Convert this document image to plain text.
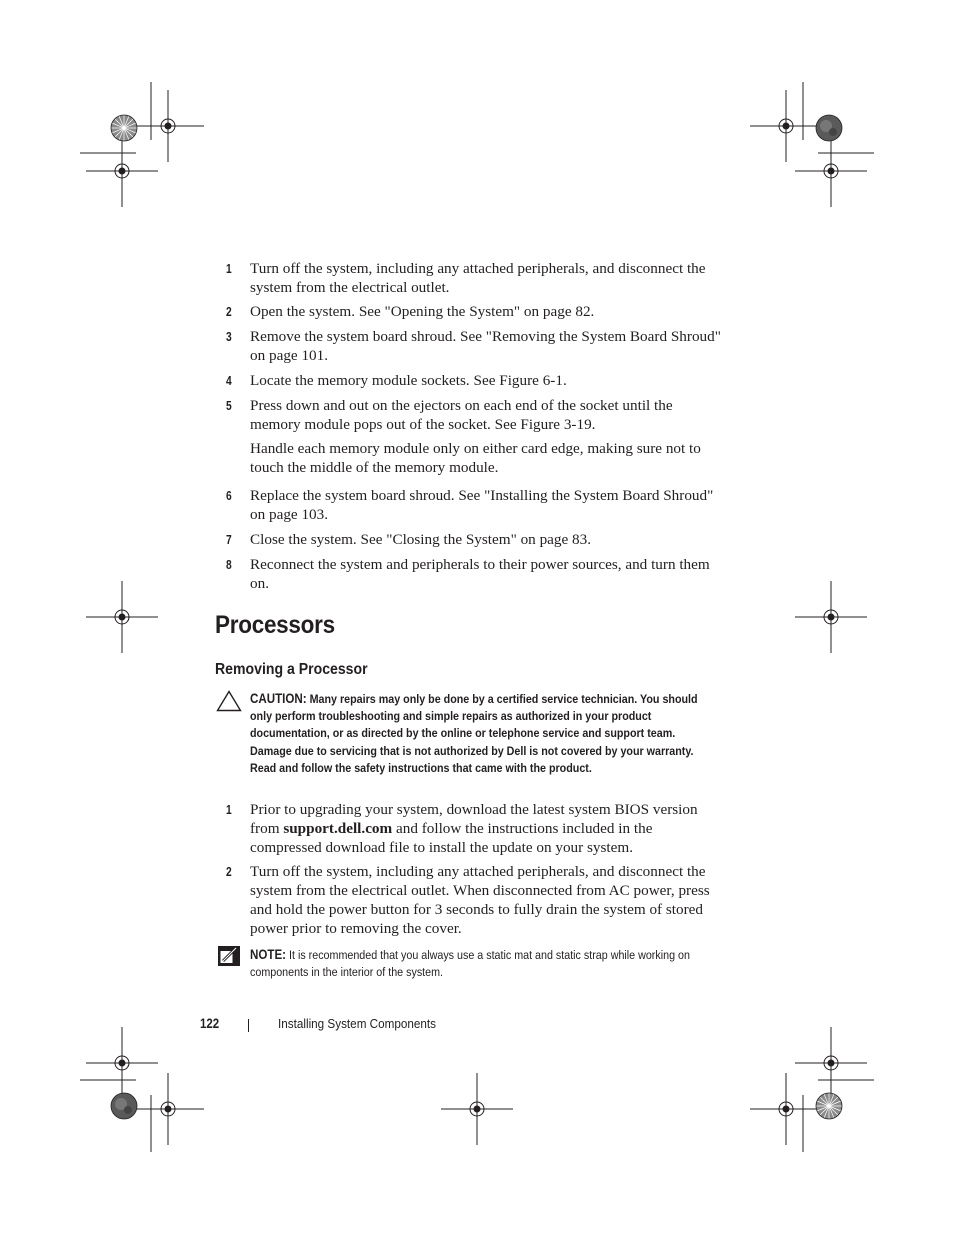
1 Turn off the system, including any attached peripherals, and disconnect the system from the electrical outlet.
2 Open the system. See "Opening the System" on page 82.
3 Remove the system board shroud. See "Removing the System Board Shroud" on page 101.
4 Locate the memory module sockets. See Figure 6-1.
5 Press down and out on the ejectors on each end of the socket until the memory module pops out of the socket. See Figure 3-19.
Handle each memory module only on either card edge, making sure not to touch the middle of the memory module.
6 Replace the system board shroud. See "Installing the System Board Shroud" on page 103.
7 Close the system. See "Closing the System" on page 83.
8 Reconnect the system and peripherals to their power sources, and turn them on.
Processors
Removing a Processor
CAUTION: Many repairs may only be done by a certified service technician. You should only perform troubleshooting and simple repairs as authorized in your product documentation, or as directed by the online or telephone service and support team. Damage due to servicing that is not authorized by Dell is not covered by your warranty. Read and follow the safety instructions that came with the product.
1 Prior to upgrading your system, download the latest system BIOS version from support.dell.com and follow the instructions included in the compressed download file to install the update on your system.
2 Turn off the system, including any attached peripherals, and disconnect the system from the electrical outlet. When disconnected from AC power, press and hold the power button for 3 seconds to fully drain the system of stored power prior to removing the cover.
NOTE: It is recommended that you always use a static mat and static strap while working on components in the interior of the system.
122	Installing System Components
